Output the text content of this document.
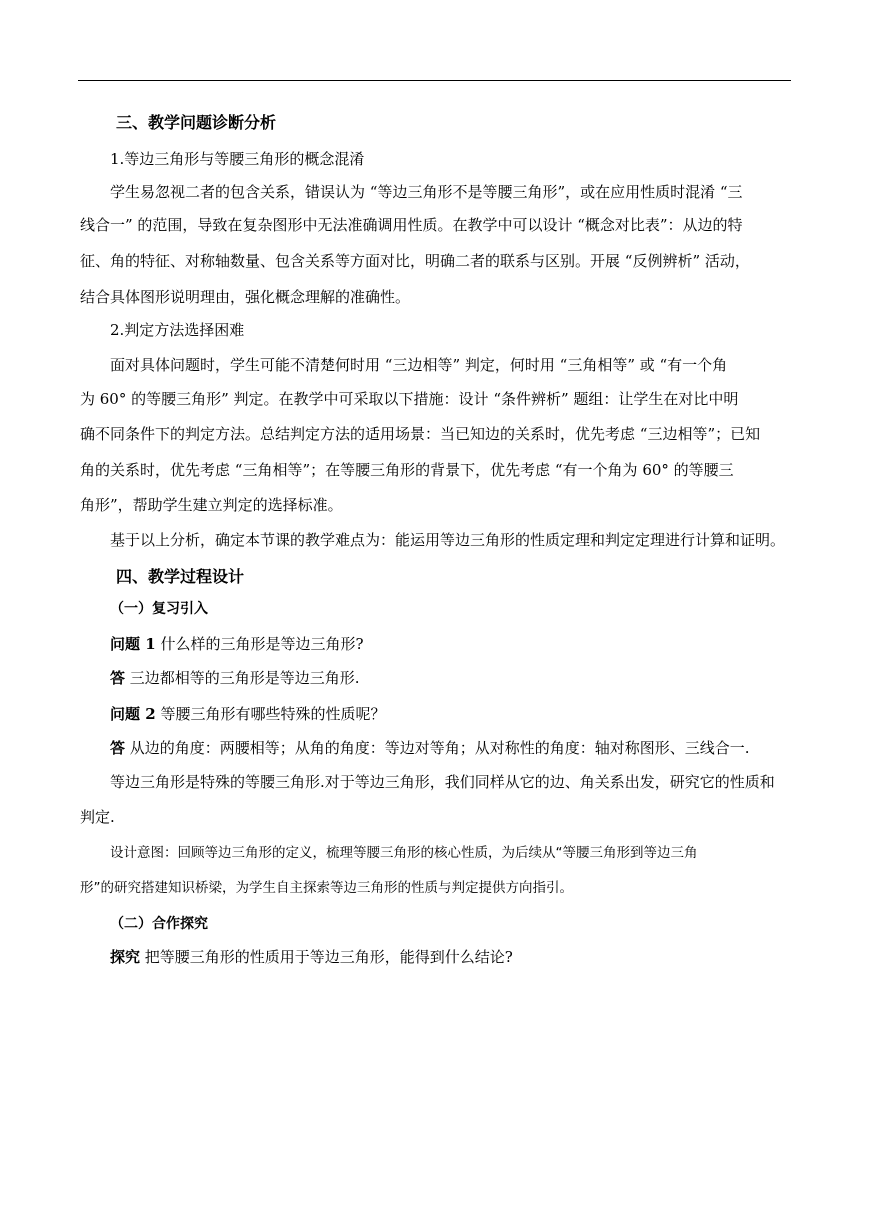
三、教学问题诊断分析
1.等边三角形与等腰三角形的概念混淆
学生易忽视二者的包含关系，错误认为 “等边三角形不是等腰三角形”，或在应用性质时混淆 “三
线合一” 的范围，导致在复杂图形中无法准确调用性质。在教学中可以设计 “概念对比表”：从边的特
征、角的特征、对称轴数量、包含关系等方面对比，明确二者的联系与区别。开展 “反例辨析” 活动，
结合具体图形说明理由，强化概念理解的准确性。
2.判定方法选择困难
面对具体问题时，学生可能不清楚何时用 “三边相等” 判定，何时用 “三角相等” 或 “有一个角
为 60° 的等腰三角形” 判定。在教学中可采取以下措施：设计 “条件辨析” 题组：让学生在对比中明
确不同条件下的判定方法。总结判定方法的适用场景：当已知边的关系时，优先考虑 “三边相等”；已知
角的关系时，优先考虑 “三角相等”；在等腰三角形的背景下，优先考虑 “有一个角为 60° 的等腰三
角形”，帮助学生建立判定的选择标准。
基于以上分析，确定本节课的教学难点为：能运用等边三角形的性质定理和判定定理进行计算和证明。
四、教学过程设计
（一）复习引入
问题 1 什么样的三角形是等边三角形?
答 三边都相等的三角形是等边三角形.
问题 2 等腰三角形有哪些特殊的性质呢？
答 从边的角度：两腰相等；从角的角度：等边对等角；从对称性的角度：轴对称图形、三线合一.
等边三角形是特殊的等腰三角形.对于等边三角形，我们同样从它的边、角关系出发，研究它的性质和
判定.
设计意图：回顾等边三角形的定义，梳理等腰三角形的核心性质，为后续从“等腰三角形到等边三角
形”的研究搭建知识桥梁，为学生自主探索等边三角形的性质与判定提供方向指引。
（二）合作探究
探究 把等腰三角形的性质用于等边三角形，能得到什么结论?
